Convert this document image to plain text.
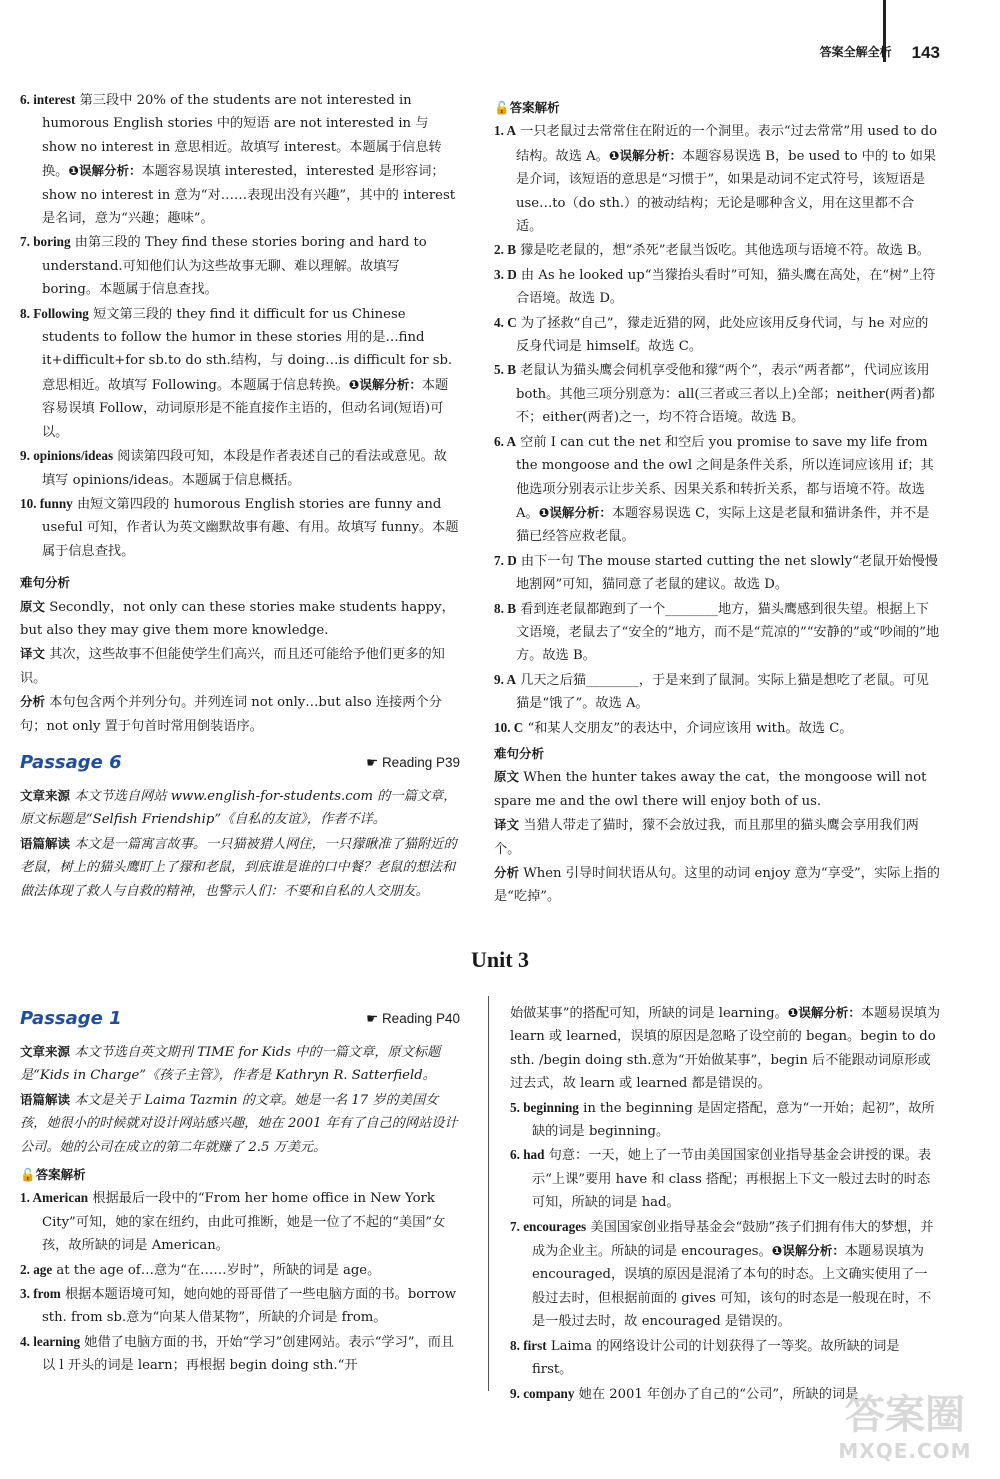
答案全解全析 143

6. interest 第三段中 20% of the students are not interested in humorous English stories 中的短语 are not interested in 与 show no interest in 意思相近。故填写 interest。本题属于信息转换。❶误解分析：本题容易误填 interested，interested 是形容词；show no interest in 意为“对……表现出没有兴趣”，其中的 interest 是名词，意为“兴趣；趣味”。

7. boring 由第三段的 They find these stories boring and hard to understand.可知他们认为这些故事无聊、难以理解。故填写 boring。本题属于信息查找。

8. Following 短文第三段的 they find it difficult for us Chinese students to follow the humor in these stories 用的是…find it+difficult+for sb.to do sth.结构，与 doing…is difficult for sb.意思相近。故填写 Following。本题属于信息转换。❶误解分析：本题容易误填 Follow，动词原形是不能直接作主语的，但动名词(短语)可以。

9. opinions/ideas 阅读第四段可知，本段是作者表述自己的看法或意见。故填写 opinions/ideas。本题属于信息概括。

10. funny 由短文第四段的 humorous English stories are funny and useful 可知，作者认为英文幽默故事有趣、有用。故填写 funny。本题属于信息查找。

难句分析

原文 Secondly，not only can these stories make students happy，but also they may give them more knowledge.

译文 其次，这些故事不但能使学生们高兴，而且还可能给予他们更多的知识。

分析 本句包含两个并列分句。并列连词 not only…but also 连接两个分句；not only 置于句首时常用倒装语序。

Passage 6	☛ Reading P39

文章来源 本文节选自网站 www.english-for-students.com 的一篇文章，原文标题是“Selfish Friendship”《自私的友谊》，作者不详。

语篇解读 本文是一篇寓言故事。一只猫被猎人网住，一只獴瞅准了猫附近的老鼠，树上的猫头鹰盯上了獴和老鼠，到底谁是谁的口中餐？老鼠的想法和做法体现了救人与自救的精神，也警示人们：不要和自私的人交朋友。

🔓答案解析

1. A 一只老鼠过去常常住在附近的一个洞里。表示“过去常常”用 used to do 结构。故选 A。❶误解分析：本题容易误选 B，be used to 中的 to 如果是介词，该短语的意思是“习惯于”，如果是动词不定式符号，该短语是 use…to（do sth.）的被动结构；无论是哪种含义，用在这里都不合适。

2. B 獴是吃老鼠的，想“杀死”老鼠当饭吃。其他选项与语境不符。故选 B。

3. D 由 As he looked up“当獴抬头看时”可知，猫头鹰在高处，在“树”上符合语境。故选 D。

4. C 为了拯救“自己”，獴走近猎的网，此处应该用反身代词，与 he 对应的反身代词是 himself。故选 C。

5. B 老鼠认为猫头鹰会伺机享受他和獴“两个”，表示“两者都”，代词应该用 both。其他三项分别意为：all(三者或三者以上)全部；neither(两者)都不；either(两者)之一，均不符合语境。故选 B。

6. A 空前 I can cut the net 和空后 you promise to save my life from the mongoose and the owl 之间是条件关系，所以连词应该用 if；其他选项分别表示让步关系、因果关系和转折关系，都与语境不符。故选 A。❶误解分析：本题容易误选 C，实际上这是老鼠和猫讲条件，并不是猫已经答应救老鼠。

7. D 由下一句 The mouse started cutting the net slowly“老鼠开始慢慢地割网”可知，猫同意了老鼠的建议。故选 D。

8. B 看到连老鼠都跑到了一个________地方，猫头鹰感到很失望。根据上下文语境，老鼠去了“安全的”地方，而不是“荒凉的”“安静的”或“吵闹的”地方。故选 B。

9. A 几天之后猫________，于是来到了鼠洞。实际上猫是想吃了老鼠。可见猫是“饿了”。故选 A。

10. C “和某人交朋友”的表达中，介词应该用 with。故选 C。

难句分析

原文 When the hunter takes away the cat，the mongoose will not spare me and the owl there will enjoy both of us.

译文 当猎人带走了猫时，獴不会放过我，而且那里的猫头鹰会享用我们两个。

分析 When 引导时间状语从句。这里的动词 enjoy 意为“享受”，实际上指的是“吃掉”。

Unit 3
Passage 1	☛ Reading P40

文章来源 本文节选自英文期刊 TIME for Kids 中的一篇文章，原文标题是“Kids in Charge”《孩子主管》，作者是 Kathryn R. Satterfield。

语篇解读 本文是关于 Laima Tazmin 的文章。她是一名 17 岁的美国女孩，她很小的时候就对设计网站感兴趣，她在 2001 年有了自己的网站设计公司。她的公司在成立的第二年就赚了 2.5 万美元。

🔓答案解析

1. American 根据最后一段中的“From her home office in New York City”可知，她的家在纽约，由此可推断，她是一位了不起的“美国”女孩，故所缺的词是 American。

2. age at the age of…意为“在……岁时”，所缺的词是 age。

3. from 根据本题语境可知，她向她的哥哥借了一些电脑方面的书。borrow sth. from sb.意为“向某人借某物”，所缺的介词是 from。

4. learning 她借了电脑方面的书，开始“学习”创建网站。表示“学习”，而且以 l 开头的词是 learn；再根据 begin doing sth.“开

始做某事”的搭配可知，所缺的词是 learning。❶误解分析：本题易误填为 learn 或 learned，误填的原因是忽略了设空前的 began。begin to do sth. /begin doing sth.意为“开始做某事”，begin 后不能跟动词原形或过去式，故 learn 或 learned 都是错误的。

5. beginning in the beginning 是固定搭配，意为“一开始；起初”，故所缺的词是 beginning。

6. had 句意：一天，她上了一节由美国国家创业指导基金会讲授的课。表示“上课”要用 have 和 class 搭配；再根据上下文一般过去时的时态可知，所缺的词是 had。

7. encourages 美国国家创业指导基金会“鼓励”孩子们拥有伟大的梦想，并成为企业主。所缺的词是 encourages。❶误解分析：本题易误填为 encouraged，误填的原因是混淆了本句的时态。上文确实使用了一般过去时，但根据前面的 gives 可知，该句的时态是一般现在时，不是一般过去时，故 encouraged 是错误的。

8. first Laima 的网络设计公司的计划获得了一等奖。故所缺的词是 first。

9. company 她在 2001 年创办了自己的“公司”，所缺的词是

答案圈
MXQE.COM
